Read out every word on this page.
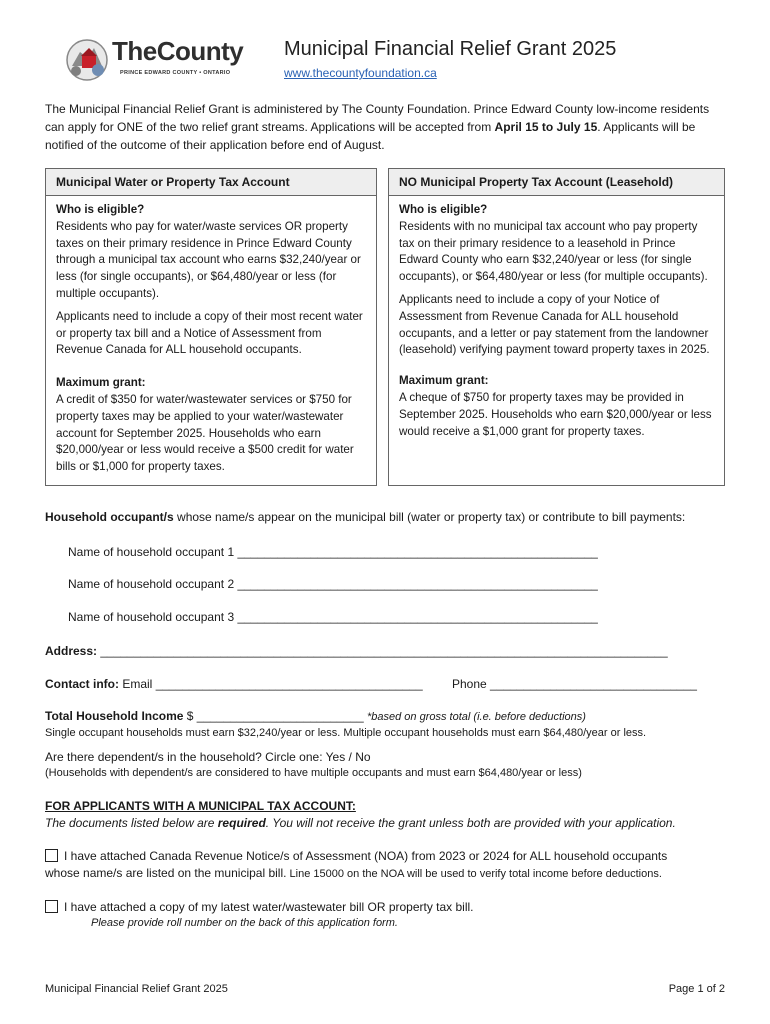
TheCounty
PRINCE EDWARD COUNTY • ONTARIO
Municipal Financial Relief Grant 2025
www.thecountyfoundation.ca
The Municipal Financial Relief Grant is administered by The County Foundation. Prince Edward County low-income residents can apply for ONE of the two relief grant streams. Applications will be accepted from April 15 to July 15. Applicants will be notified of the outcome of their application before end of August.
Municipal Water or Property Tax Account

Who is eligible?
Residents who pay for water/waste services OR property taxes on their primary residence in Prince Edward County through a municipal tax account who earns $32,240/year or less (for single occupants), or $64,480/year or less (for multiple occupants).

Applicants need to include a copy of their most recent water or property tax bill and a Notice of Assessment from Revenue Canada for ALL household occupants.

Maximum grant:
A credit of $350 for water/wastewater services or $750 for property taxes may be applied to your water/wastewater account for September 2025. Households who earn $20,000/year or less would receive a $500 credit for water bills or $1,000 for property taxes.

NO Municipal Property Tax Account (Leasehold)

Who is eligible?
Residents with no municipal tax account who pay property tax on their primary residence to a leasehold in Prince Edward County who earn $32,240/year or less (for single occupants), or $64,480/year or less (for multiple occupants).

Applicants need to include a copy of your Notice of Assessment from Revenue Canada for ALL household occupants, and a letter or pay statement from the landowner (leasehold) verifying payment toward property taxes in 2025.

Maximum grant:
A cheque of $750 for property taxes may be provided in September 2025. Households who earn $20,000/year or less would receive a $1,000 grant for property taxes.

Household occupant/s whose name/s appear on the municipal bill (water or property tax) or contribute to bill payments:
Name of household occupant 1 ______________________________________________________
Name of household occupant 2 ______________________________________________________
Name of household occupant 3 ______________________________________________________
Address: _____________________________________________________________________________________
Contact info: Email ________________________________________ Phone _______________________________
Total Household Income $ _________________________ *based on gross total (i.e. before deductions)
Single occupant households must earn $32,240/year or less. Multiple occupant households must earn $64,480/year or less.
Are there dependent/s in the household? Circle one: Yes / No
(Households with dependent/s are considered to have multiple occupants and must earn $64,480/year or less)
FOR APPLICANTS WITH A MUNICIPAL TAX ACCOUNT:
The documents listed below are required. You will not receive the grant unless both are provided with your application.
I have attached Canada Revenue Notice/s of Assessment (NOA) from 2023 or 2024 for ALL household occupants
whose name/s are listed on the municipal bill. Line 15000 on the NOA will be used to verify total income before deductions.
I have attached a copy of my latest water/wastewater bill OR property tax bill.
Please provide roll number on the back of this application form.
Municipal Financial Relief Grant 2025	Page 1 of 2
